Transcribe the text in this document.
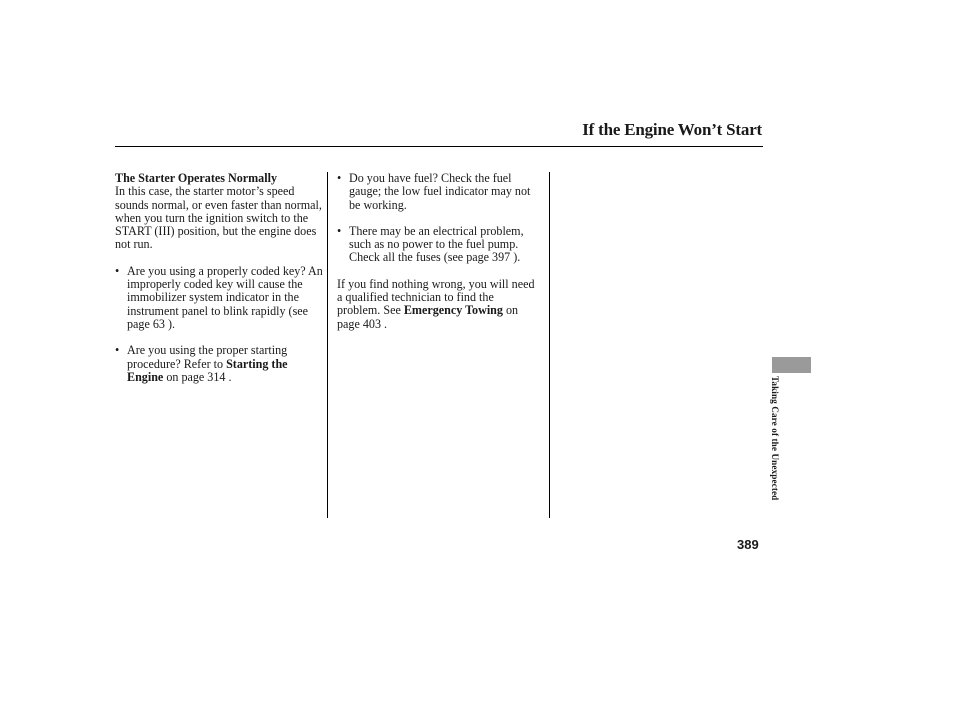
If the Engine Won’t Start

The Starter Operates Normally

In this case, the starter motor’s speed sounds normal, or even faster than normal, when you turn the ignition switch to the START (III) position, but the engine does not run.

• Are you using a properly coded key? An improperly coded key will cause the immobilizer system indicator in the instrument panel to blink rapidly (see page 63 ).

• Are you using the proper starting procedure? Refer to Starting the Engine on page 314 .

• Do you have fuel? Check the fuel gauge; the low fuel indicator may not be working.

• There may be an electrical problem, such as no power to the fuel pump. Check all the fuses (see page 397 ).

If you find nothing wrong, you will need a qualified technician to find the problem. See Emergency Towing on page 403 .

Taking Care of the Unexpected
389
